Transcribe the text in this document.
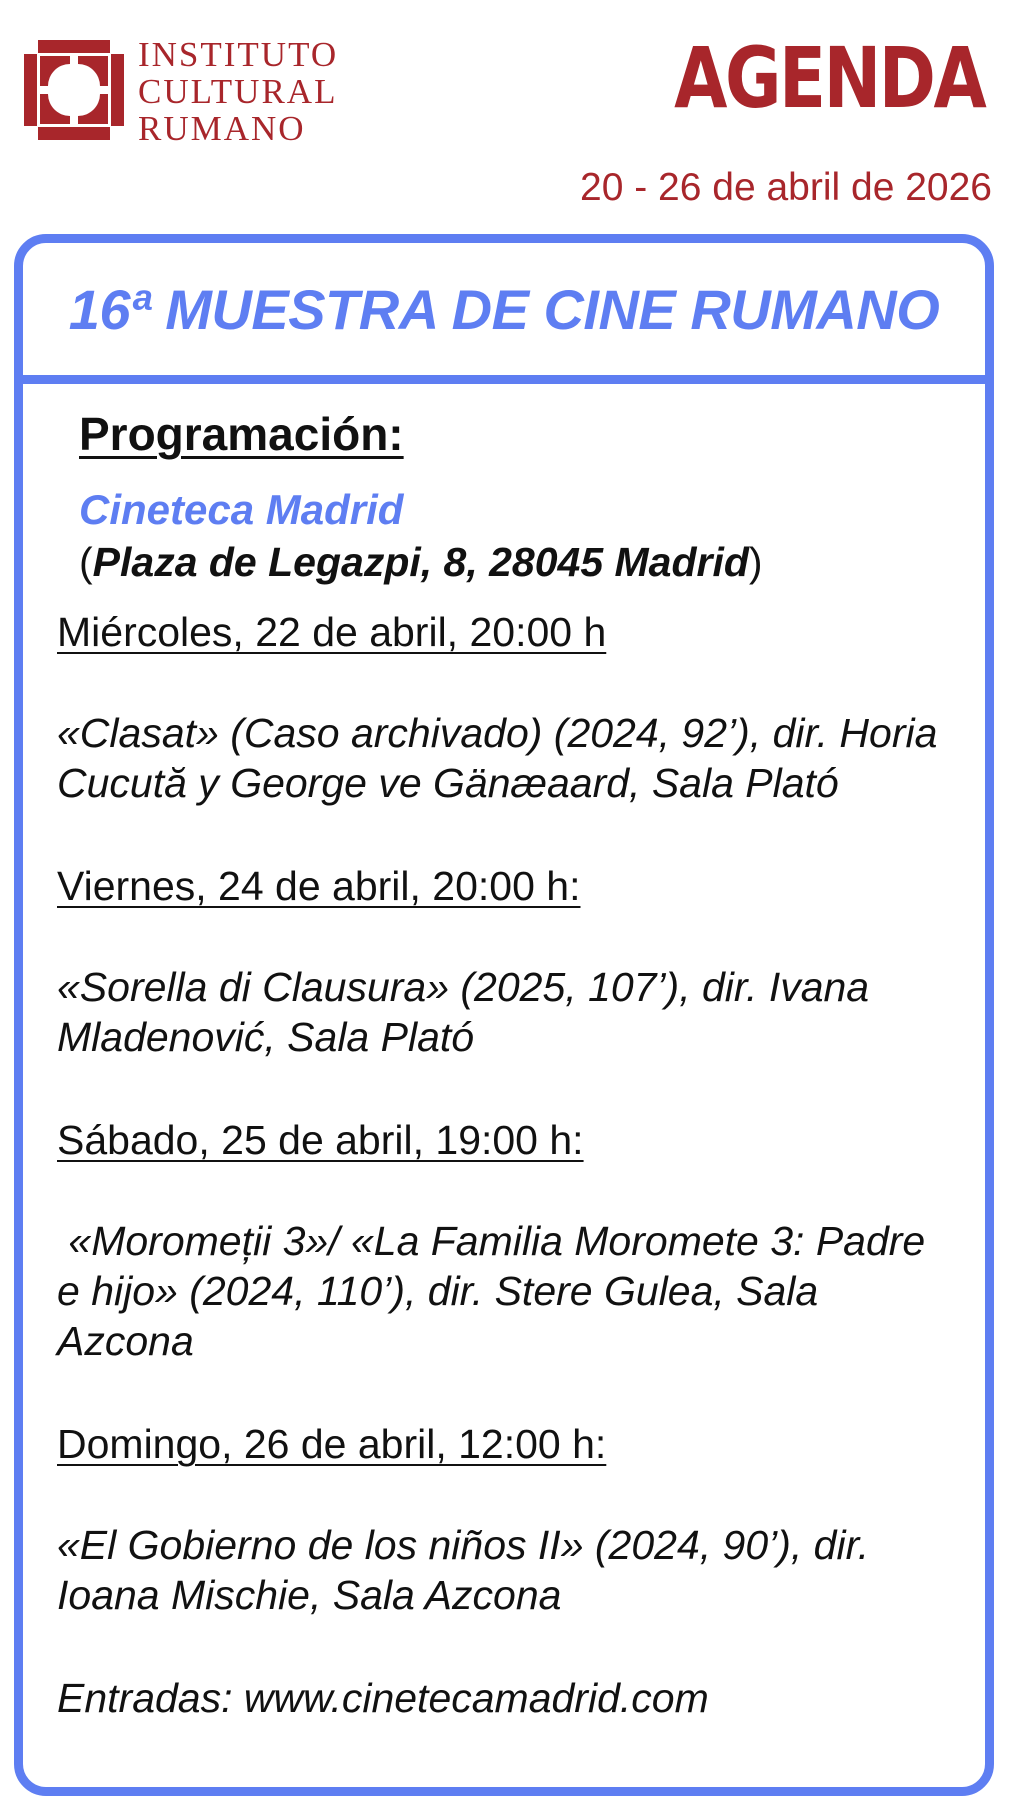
INSTITUTO
CULTURAL
RUMANO
AGENDA
20 - 26 de abril de 2026
16ª MUESTRA DE CINE RUMANO
Programación:
Cineteca Madrid
(Plaza de Legazpi, 8, 28045 Madrid)
Miércoles, 22 de abril, 20:00 h
«Clasat» (Caso archivado) (2024, 92’), dir. Horia Cucută y George ve Gänæaard, Sala Plató
Viernes, 24 de abril, 20:00 h:
«Sorella di Clausura» (2025, 107’), dir. Ivana Mladenović, Sala Plató
Sábado, 25 de abril, 19:00 h:
«Moromeții 3»/ «La Familia Moromete 3: Padre e hijo» (2024, 110’), dir. Stere Gulea, Sala Azcona
Domingo, 26 de abril, 12:00 h:
«El Gobierno de los niños II» (2024, 90’), dir. Ioana Mischie, Sala Azcona
Entradas: www.cinetecamadrid.com
